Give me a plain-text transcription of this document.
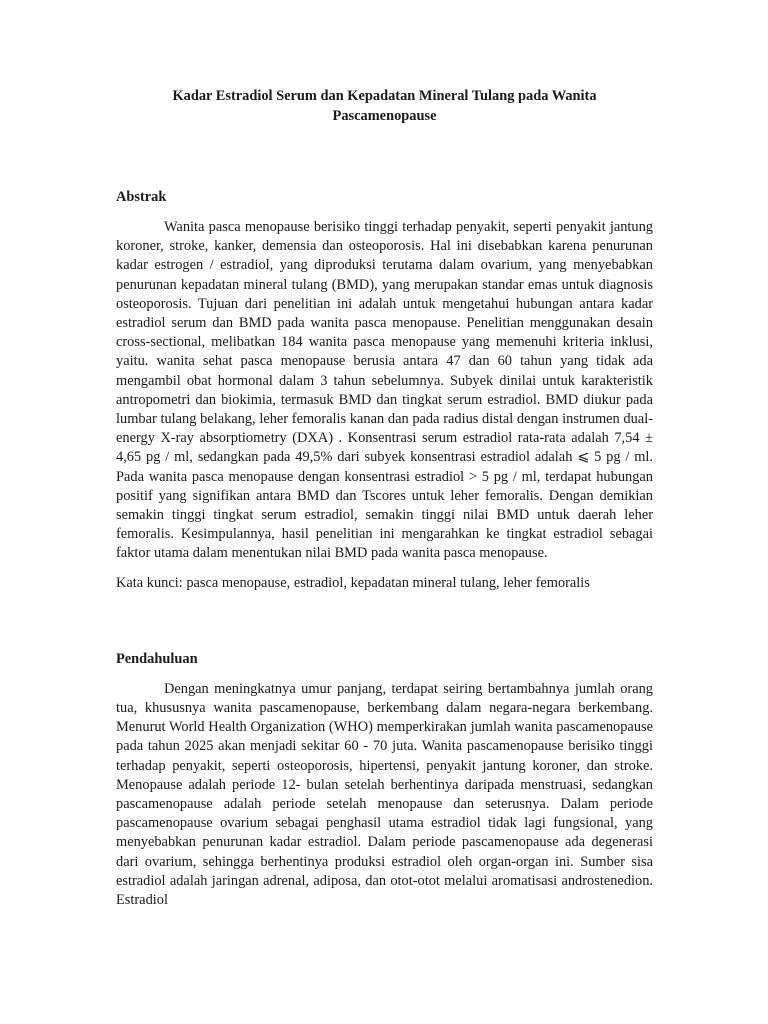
Kadar Estradiol Serum dan Kepadatan Mineral Tulang pada Wanita
Pascamenopause

Abstrak

Wanita pasca menopause berisiko tinggi terhadap penyakit, seperti penyakit jantung koroner, stroke, kanker, demensia dan osteoporosis. Hal ini disebabkan karena penurunan kadar estrogen / estradiol, yang diproduksi terutama dalam ovarium, yang menyebabkan penurunan kepadatan mineral tulang (BMD), yang merupakan standar emas untuk diagnosis osteoporosis. Tujuan dari penelitian ini adalah untuk mengetahui hubungan antara kadar estradiol serum dan BMD pada wanita pasca menopause. Penelitian menggunakan desain cross-sectional, melibatkan 184 wanita pasca menopause yang memenuhi kriteria inklusi, yaitu. wanita sehat pasca menopause berusia antara 47 dan 60 tahun yang tidak ada mengambil obat hormonal dalam 3 tahun sebelumnya. Subyek dinilai untuk karakteristik antropometri dan biokimia, termasuk BMD dan tingkat serum estradiol. BMD diukur pada lumbar tulang belakang, leher femoralis kanan dan pada radius distal dengan instrumen dual-energy X-ray absorptiometry (DXA) . Konsentrasi serum estradiol rata-rata adalah 7,54 ± 4,65 pg / ml, sedangkan pada 49,5% dari subyek konsentrasi estradiol adalah ⩽ 5 pg / ml. Pada wanita pasca menopause dengan konsentrasi estradiol > 5 pg / ml, terdapat hubungan positif yang signifikan antara BMD dan Tscores untuk leher femoralis. Dengan demikian semakin tinggi tingkat serum estradiol, semakin tinggi nilai BMD untuk daerah leher femoralis. Kesimpulannya, hasil penelitian ini mengarahkan ke tingkat estradiol sebagai faktor utama dalam menentukan nilai BMD pada wanita pasca menopause.

Kata kunci: pasca menopause, estradiol, kepadatan mineral tulang, leher femoralis

Pendahuluan

Dengan meningkatnya umur panjang, terdapat seiring bertambahnya jumlah orang tua, khususnya wanita pascamenopause, berkembang dalam negara-negara berkembang. Menurut World Health Organization (WHO) memperkirakan jumlah wanita pascamenopause pada tahun 2025 akan menjadi sekitar 60 - 70 juta. Wanita pascamenopause berisiko tinggi terhadap penyakit, seperti osteoporosis, hipertensi, penyakit jantung koroner, dan stroke. Menopause adalah periode 12- bulan setelah berhentinya daripada menstruasi, sedangkan pascamenopause adalah periode setelah menopause dan seterusnya. Dalam periode pascamenopause ovarium sebagai penghasil utama estradiol tidak lagi fungsional, yang menyebabkan penurunan kadar estradiol. Dalam periode pascamenopause ada degenerasi dari ovarium, sehingga berhentinya produksi estradiol oleh organ-organ ini. Sumber sisa estradiol adalah jaringan adrenal, adiposa, dan otot-otot melalui aromatisasi androstenedion. Estradiol
